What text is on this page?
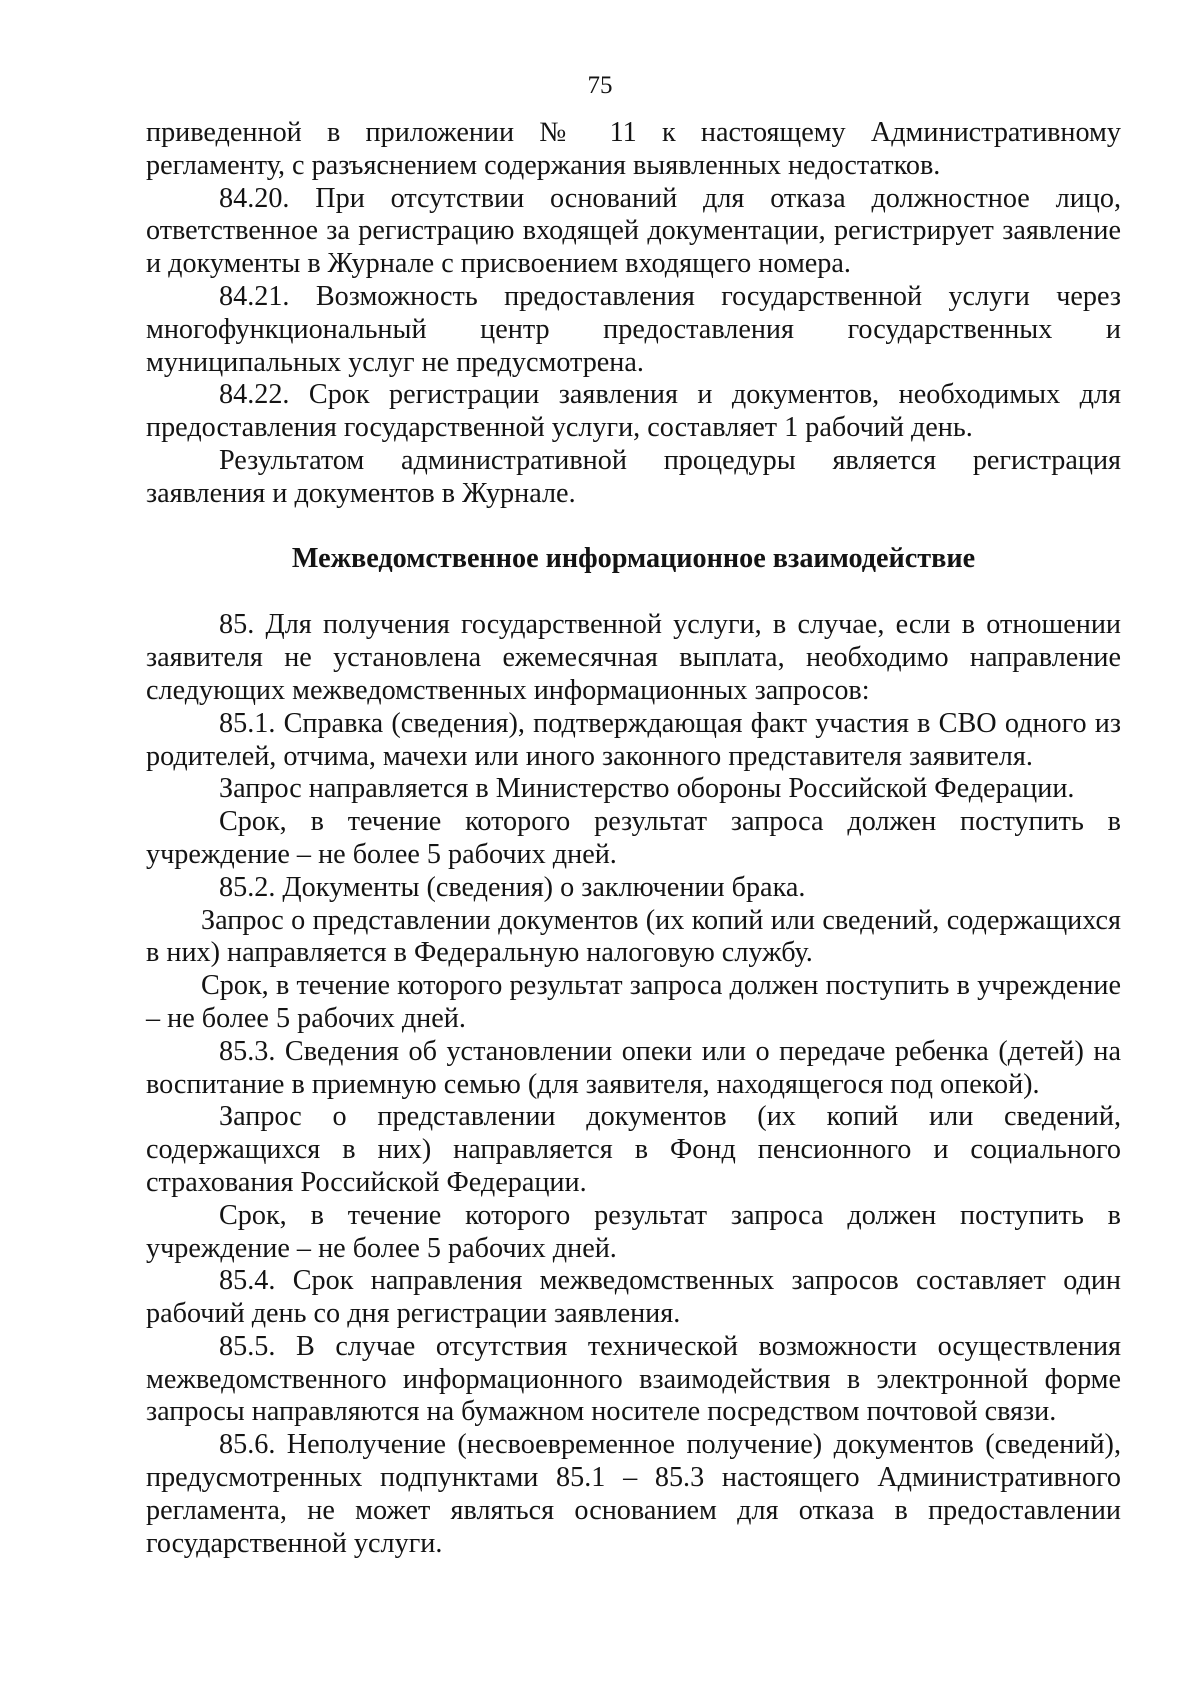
75

приведенной в приложении № 11 к настоящему Административному регламенту, с разъяснением содержания выявленных недостатков.

84.20. При отсутствии оснований для отказа должностное лицо, ответственное за регистрацию входящей документации, регистрирует заявление и документы в Журнале с присвоением входящего номера.

84.21. Возможность предоставления государственной услуги через многофункциональный центр предоставления государственных и муниципальных услуг не предусмотрена.

84.22. Срок регистрации заявления и документов, необходимых для предоставления государственной услуги, составляет 1 рабочий день.

Результатом административной процедуры является регистрация заявления и документов в Журнале.

Межведомственное информационное взаимодействие

85. Для получения государственной услуги, в случае, если в отношении заявителя не установлена ежемесячная выплата, необходимо направление следующих межведомственных информационных запросов:

85.1. Справка (сведения), подтверждающая факт участия в СВО одного из родителей, отчима, мачехи или иного законного представителя заявителя.

Запрос направляется в Министерство обороны Российской Федерации.

Срок, в течение которого результат запроса должен поступить в учреждение – не более 5 рабочих дней.

85.2. Документы (сведения) о заключении брака.

Запрос о представлении документов (их копий или сведений, содержащихся в них) направляется в Федеральную налоговую службу.

Срок, в течение которого результат запроса должен поступить в учреждение – не более 5 рабочих дней.

85.3. Сведения об установлении опеки или о передаче ребенка (детей) на воспитание в приемную семью (для заявителя, находящегося под опекой).

Запрос о представлении документов (их копий или сведений, содержащихся в них) направляется в Фонд пенсионного и социального страхования Российской Федерации.

Срок, в течение которого результат запроса должен поступить в учреждение – не более 5 рабочих дней.

85.4. Срок направления межведомственных запросов составляет один рабочий день со дня регистрации заявления.

85.5. В случае отсутствия технической возможности осуществления межведомственного информационного взаимодействия в электронной форме запросы направляются на бумажном носителе посредством почтовой связи.

85.6. Неполучение (несвоевременное получение) документов (сведений), предусмотренных подпунктами 85.1 – 85.3 настоящего Административного регламента, не может являться основанием для отказа в предоставлении государственной услуги.
